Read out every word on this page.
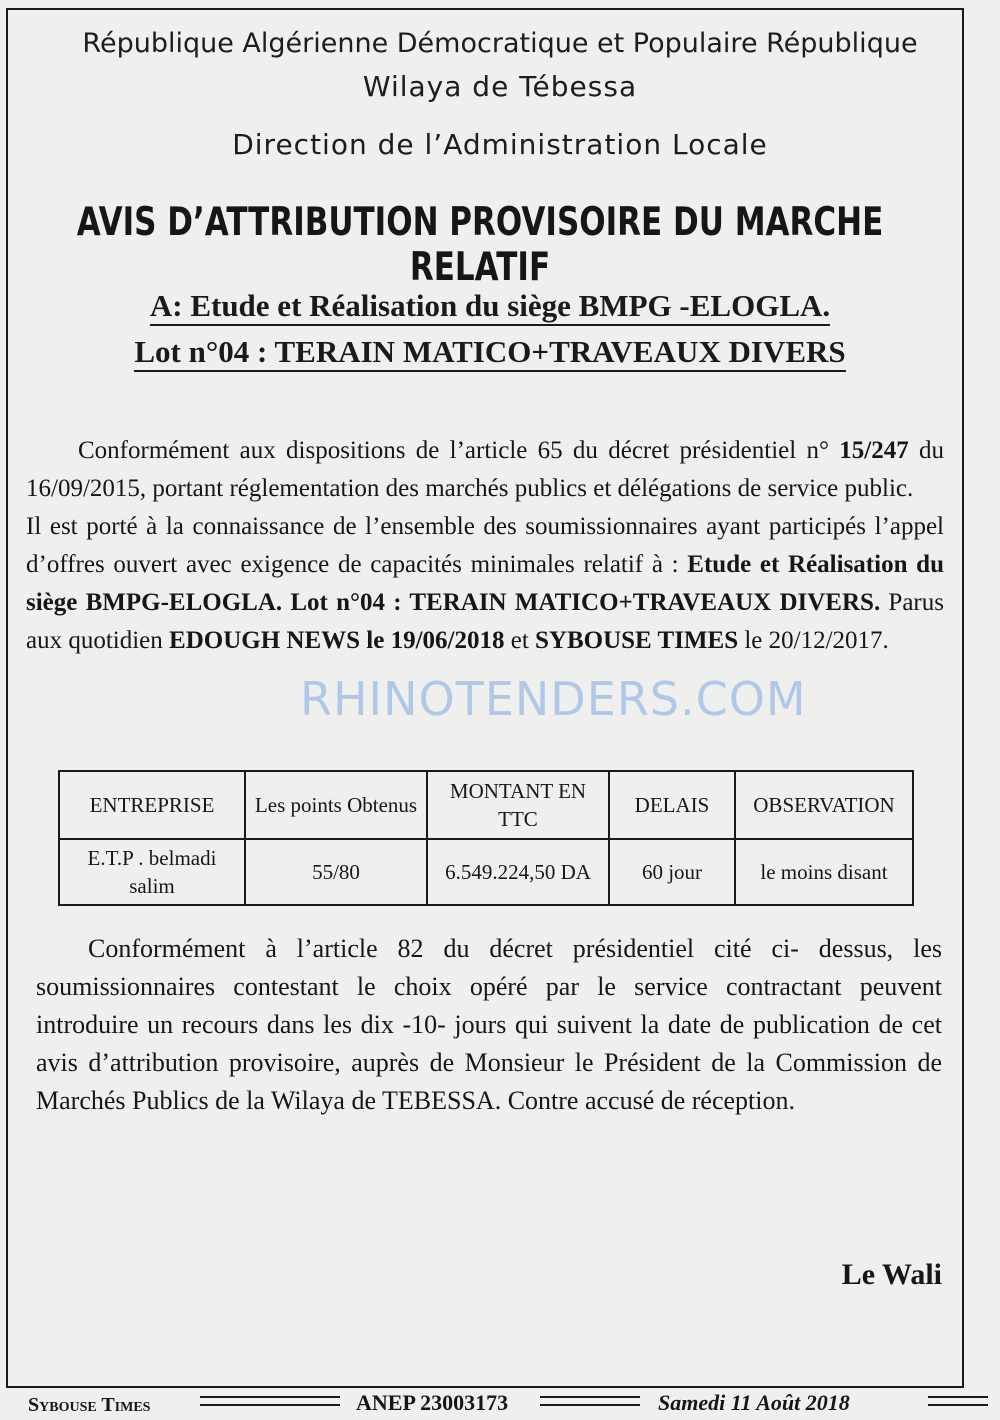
République Algérienne Démocratique et Populaire République
Wilaya de Tébessa
Direction de l’Administration Locale
AVIS D’ATTRIBUTION PROVISOIRE DU MARCHE RELATIF
A: Etude et Réalisation du siège BMPG -ELOGLA.
Lot n°04 : TERAIN MATICO+TRAVEAUX DIVERS
Conformément aux dispositions de l’article 65 du décret présidentiel n° 15/247 du 16/09/2015, portant réglementation des marchés publics et délégations de service public.
Il est porté à la connaissance de l’ensemble des soumissionnaires ayant participés l’appel d’offres ouvert avec exigence de capacités minimales relatif à : Etude et Réalisation du siège BMPG-ELOGLA. Lot n°04 : TERAIN MATICO+TRAVEAUX DIVERS. Parus aux quotidien EDOUGH NEWS le 19/06/2018 et SYBOUSE TIMES le 20/12/2017.
RHINOTENDERS.COM
ENTREPRISE	Les points Obtenus	MONTANT EN TTC	DELAIS	OBSERVATION
E.T.P . belmadi salim	55/80	6.549.224,50 DA	60 jour	le moins disant
Conformément à l’article 82 du décret présidentiel cité ci- dessus, les soumissionnaires contestant le choix opéré par le service contractant peuvent introduire un recours dans les dix -10- jours qui suivent la date de publication de cet avis d’attribution provisoire, auprès de Monsieur le Président de la Commission de Marchés Publics de la Wilaya de TEBESSA. Contre accusé de réception.
Le Wali
Sybouse Times	ANEP 23003173	Samedi 11 Août 2018
